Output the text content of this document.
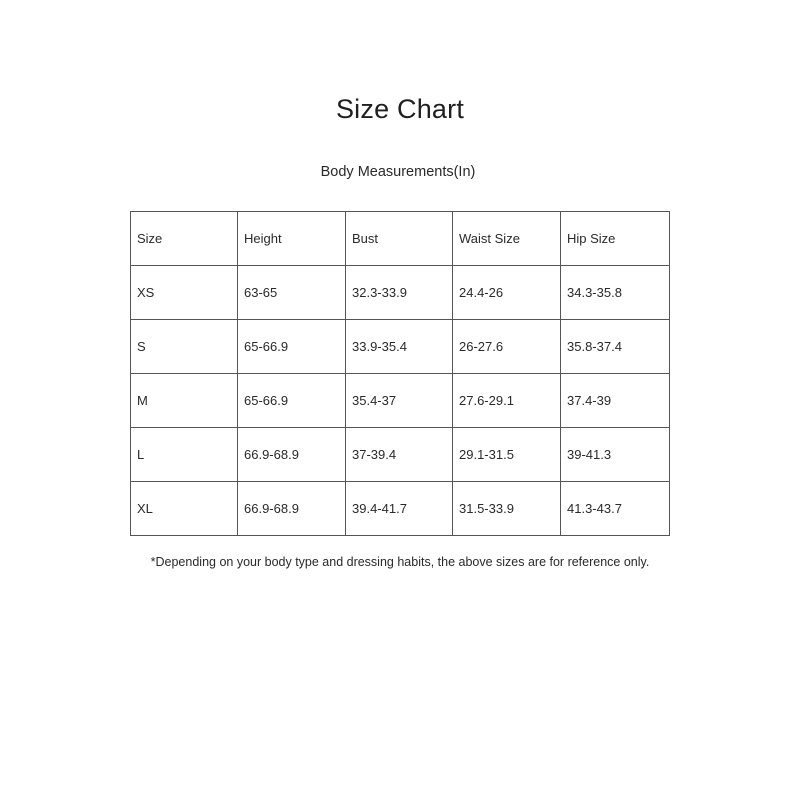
Size Chart
Body Measurements(In)
Size	Height	Bust	Waist Size	Hip Size
XS	63-65	32.3-33.9	24.4-26	34.3-35.8
S	65-66.9	33.9-35.4	26-27.6	35.8-37.4
M	65-66.9	35.4-37	27.6-29.1	37.4-39
L	66.9-68.9	37-39.4	29.1-31.5	39-41.3
XL	66.9-68.9	39.4-41.7	31.5-33.9	41.3-43.7
*Depending on your body type and dressing habits, the above sizes are for reference only.
